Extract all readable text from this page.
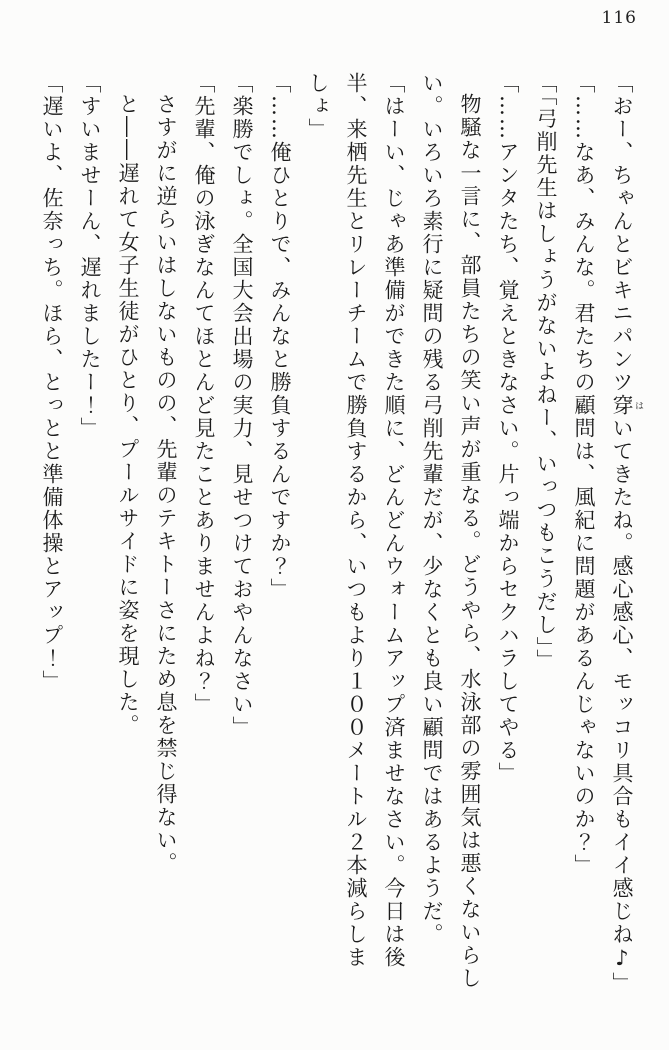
116

「おー、ちゃんとビキニパンツ穿 はいてきたね。感心感心、モッコリ具合もイイ感じね♪」

「……なあ、みんな。君たちの顧問は、風紀に問題があるんじゃないのか？」

「「弓削先生はしょうがないよねー、いっつもこうだし」」

「……アンタたち、覚えときなさい。片っ端からセクハラしてやる」

物騒な一言に、部員たちの笑い声が重なる。どうやら、水泳部の雰囲気は悪くないらし

い。いろいろ素行に疑問の残る弓削先輩だが、少なくとも良い顧問ではあるようだ。

「はーい、じゃあ準備ができた順に、どんどんウォームアップ済ませなさい。今日は後

半、来栖先生とリレーチームで勝負するから、いつもより１００メートル２本減らしま

しょ」

「……俺ひとりで、みんなと勝負するんですか？」

「楽勝でしょ。全国大会出場の実力、見せつけておやんなさい」

「先輩、俺の泳ぎなんてほとんど見たことありませんよね？」

さすがに逆らいはしないものの、先輩のテキトーさにため息を禁じ得ない。

と――遅れて女子生徒がひとり、プールサイドに姿を現した。

「すいませーん、遅れましたー！」

「遅いよ、佐奈っち。ほら、とっとと準備体操とアップ！」
